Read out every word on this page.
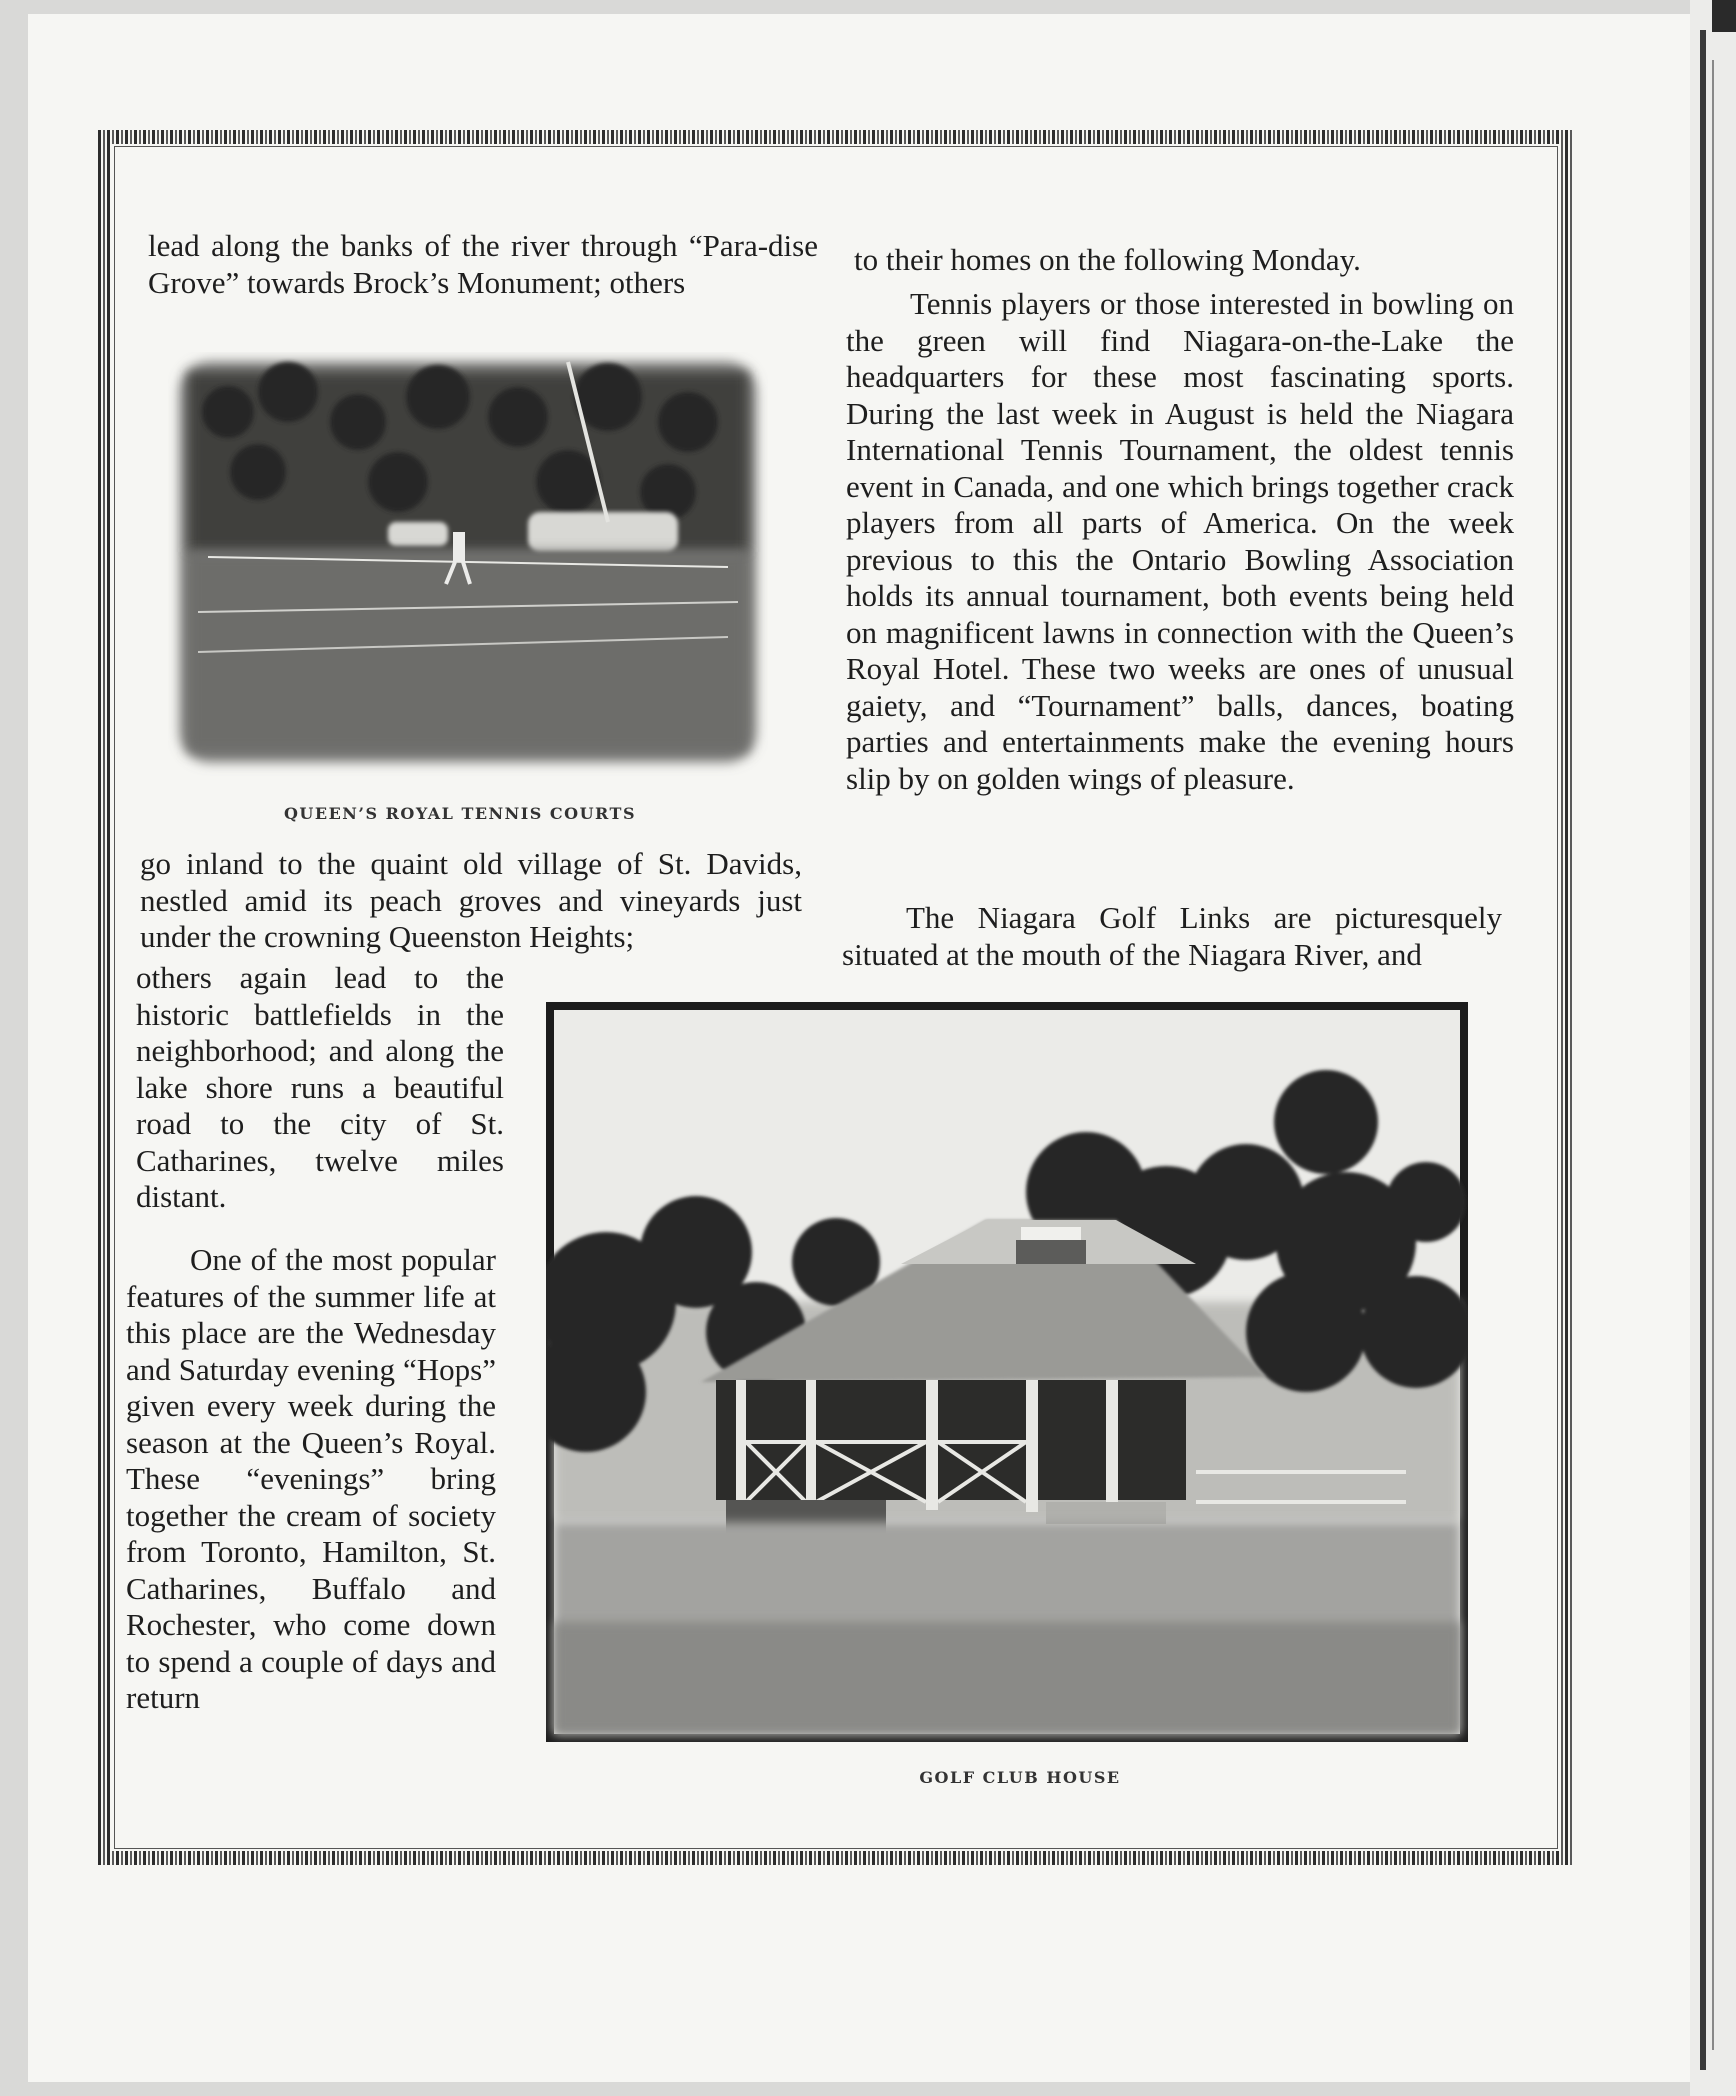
lead along the banks of the river through “Para-dise Grove” towards Brock’s Monument; others

QUEEN’S ROYAL TENNIS COURTS

go inland to the quaint old village of St. Davids, nestled amid its peach groves and vineyards just under the crowning Queenston Heights;

others again lead to the historic battlefields in the neighborhood; and along the lake shore runs a beautiful road to the city of St. Catharines, twelve miles distant.

One of the most popular features of the summer life at this place are the Wednesday and Saturday evening “Hops” given every week during the season at the Queen’s Royal. These “evenings” bring together the cream of society from Toronto, Hamilton, St. Catharines, Buffalo and Rochester, who come down to spend a couple of days and return

to their homes on the following Monday.

Tennis players or those interested in bowling on the green will find Niagara-on-the-Lake the headquarters for these most fascinating sports. During the last week in August is held the Niagara International Tennis Tournament, the oldest tennis event in Canada, and one which brings together crack players from all parts of America. On the week previous to this the Ontario Bowling Association holds its annual tournament, both events being held on magnificent lawns in connection with the Queen’s Royal Hotel. These two weeks are ones of unusual gaiety, and “Tournament” balls, dances, boating parties and entertainments make the evening hours slip by on golden wings of pleasure.

The Niagara Golf Links are picturesquely situated at the mouth of the Niagara River, and

GOLF CLUB HOUSE
